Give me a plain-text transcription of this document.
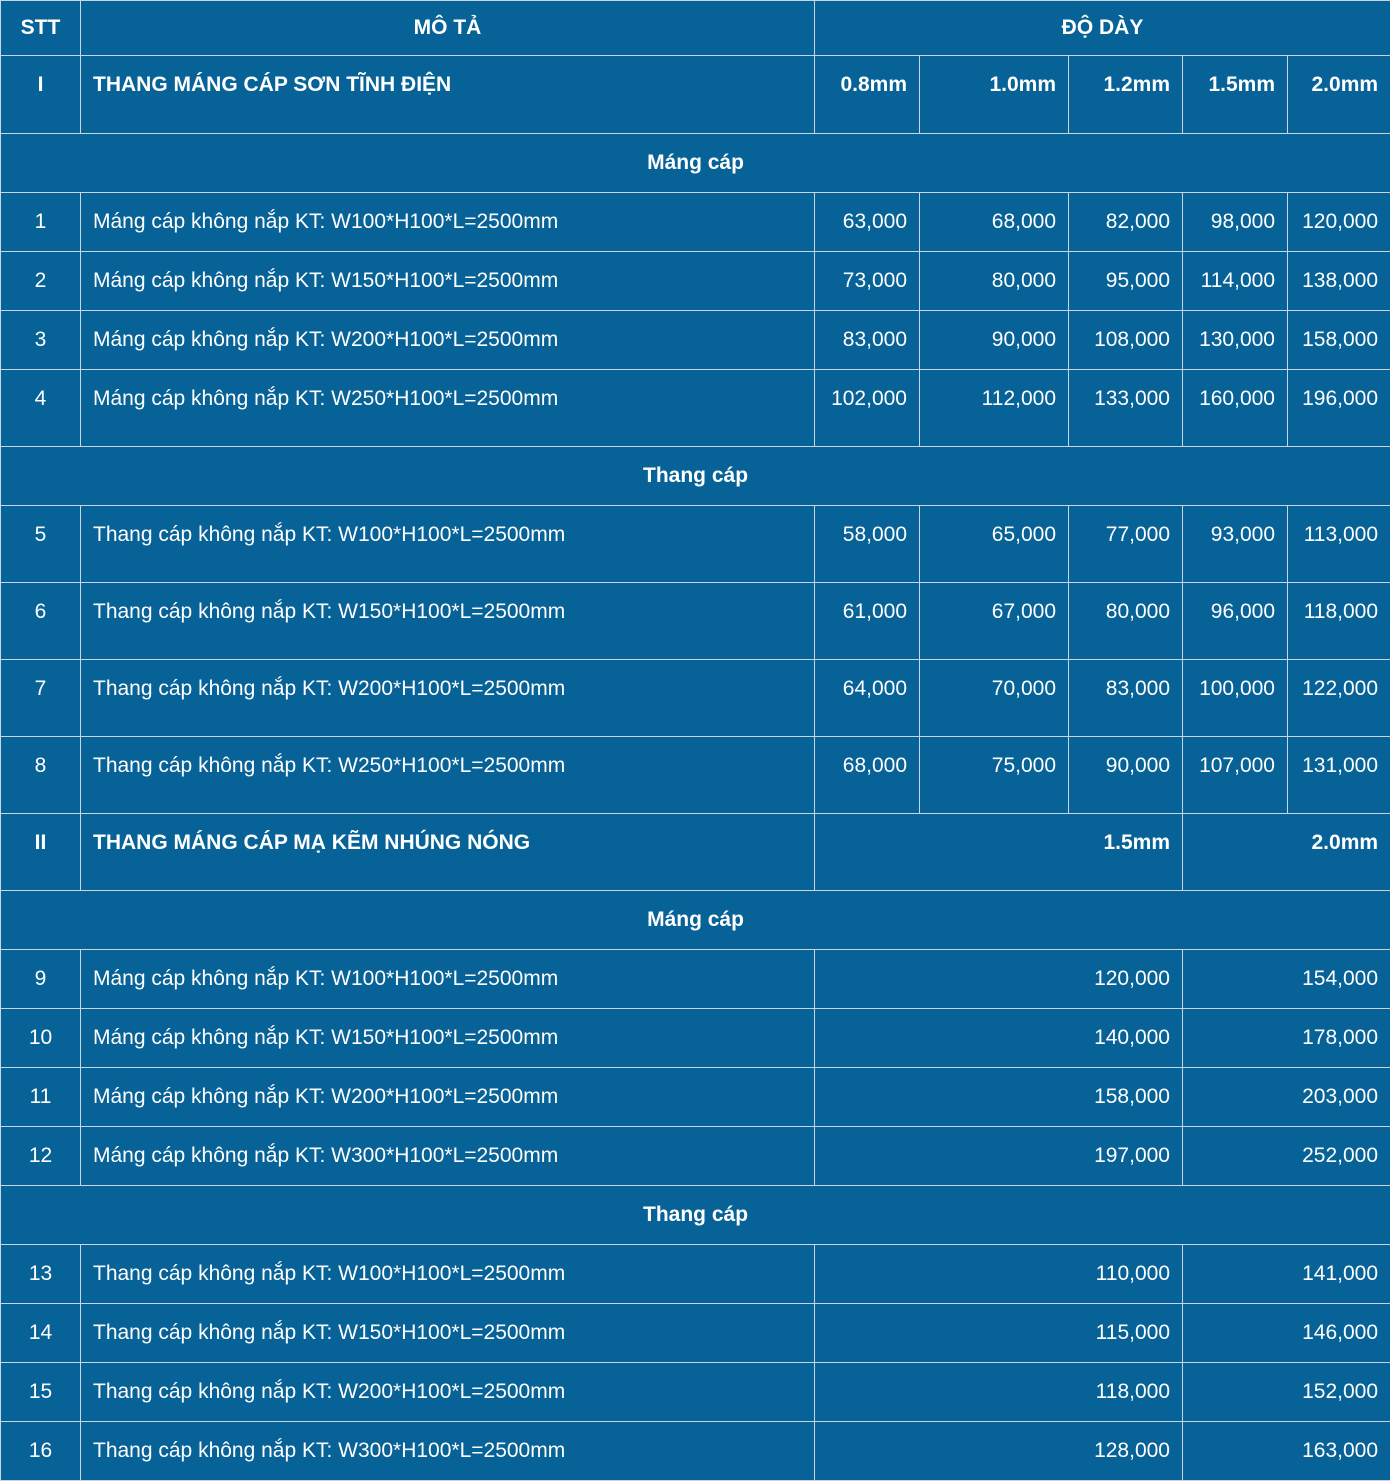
STT	MÔ TẢ	ĐỘ DÀY				
I	THANG MÁNG CÁP SƠN TĨNH ĐIỆN	0.8mm	1.0mm	1.2mm	1.5mm	2.0mm
Máng cáp						
1	Máng cáp không nắp KT: W100*H100*L=2500mm	63,000	68,000	82,000	98,000	120,000
2	Máng cáp không nắp KT: W150*H100*L=2500mm	73,000	80,000	95,000	114,000	138,000
3	Máng cáp không nắp KT: W200*H100*L=2500mm	83,000	90,000	108,000	130,000	158,000
4	Máng cáp không nắp KT: W250*H100*L=2500mm	102,000	112,000	133,000	160,000	196,000
Thang cáp						
5	Thang cáp không nắp KT: W100*H100*L=2500mm	58,000	65,000	77,000	93,000	113,000
6	Thang cáp không nắp KT: W150*H100*L=2500mm	61,000	67,000	80,000	96,000	118,000
7	Thang cáp không nắp KT: W200*H100*L=2500mm	64,000	70,000	83,000	100,000	122,000
8	Thang cáp không nắp KT: W250*H100*L=2500mm	68,000	75,000	90,000	107,000	131,000
II	THANG MÁNG CÁP MẠ KẼM NHÚNG NÓNG	1.5mm			2.0mm	
Máng cáp						
9	Máng cáp không nắp KT: W100*H100*L=2500mm	120,000			154,000	
10	Máng cáp không nắp KT: W150*H100*L=2500mm	140,000			178,000	
11	Máng cáp không nắp KT: W200*H100*L=2500mm	158,000			203,000	
12	Máng cáp không nắp KT: W300*H100*L=2500mm	197,000			252,000	
Thang cáp						
13	Thang cáp không nắp KT: W100*H100*L=2500mm	110,000			141,000	
14	Thang cáp không nắp KT: W150*H100*L=2500mm	115,000			146,000	
15	Thang cáp không nắp KT: W200*H100*L=2500mm	118,000			152,000	
16	Thang cáp không nắp KT: W300*H100*L=2500mm	128,000			163,000	
